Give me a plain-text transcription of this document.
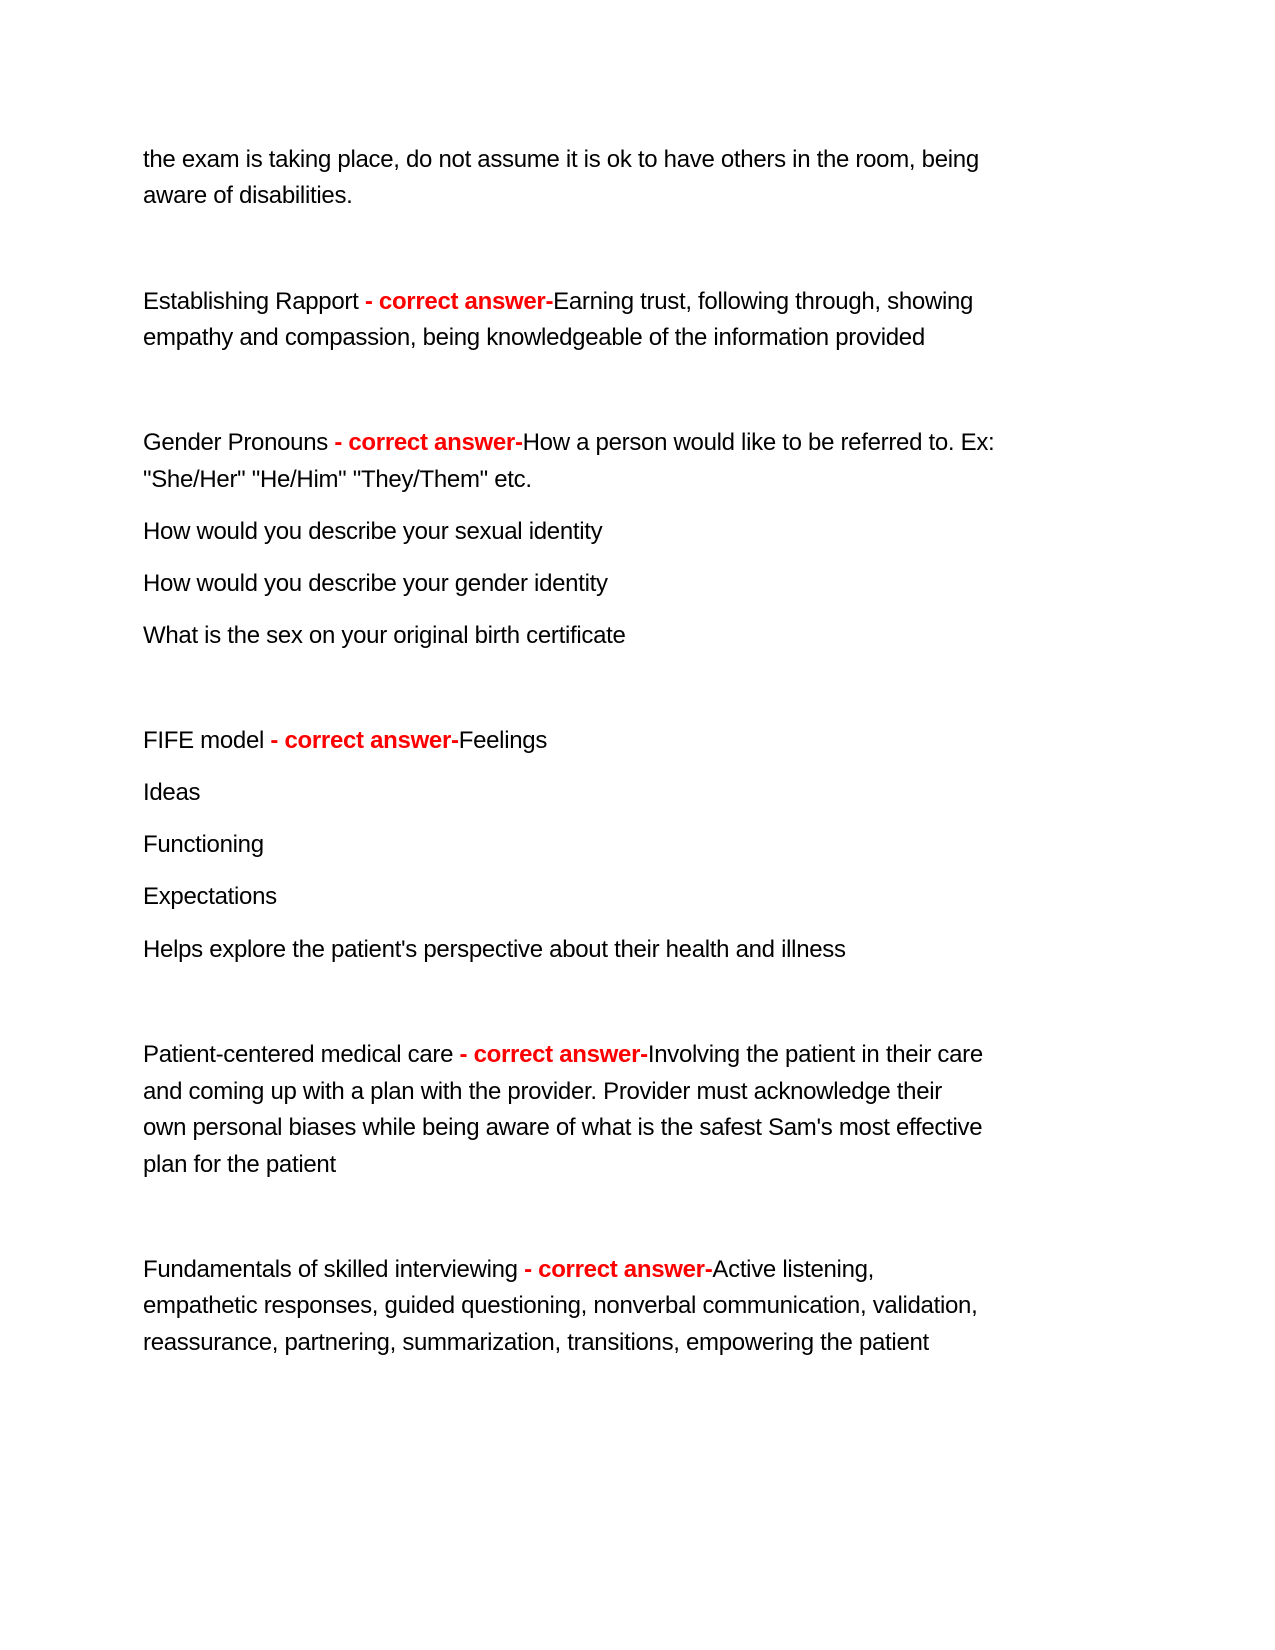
the exam is taking place, do not assume it is ok to have others in the room, being
aware of disabilities.
Establishing Rapport - correct answer-Earning trust, following through, showing
empathy and compassion, being knowledgeable of the information provided
Gender Pronouns - correct answer-How a person would like to be referred to. Ex:
"She/Her" "He/Him" "They/Them" etc.
How would you describe your sexual identity
How would you describe your gender identity
What is the sex on your original birth certificate
FIFE model - correct answer-Feelings
Ideas
Functioning
Expectations
Helps explore the patient's perspective about their health and illness
Patient-centered medical care - correct answer-Involving the patient in their care
and coming up with a plan with the provider. Provider must acknowledge their
own personal biases while being aware of what is the safest Sam's most effective
plan for the patient
Fundamentals of skilled interviewing - correct answer-Active listening,
empathetic responses, guided questioning, nonverbal communication, validation,
reassurance, partnering, summarization, transitions, empowering the patient
